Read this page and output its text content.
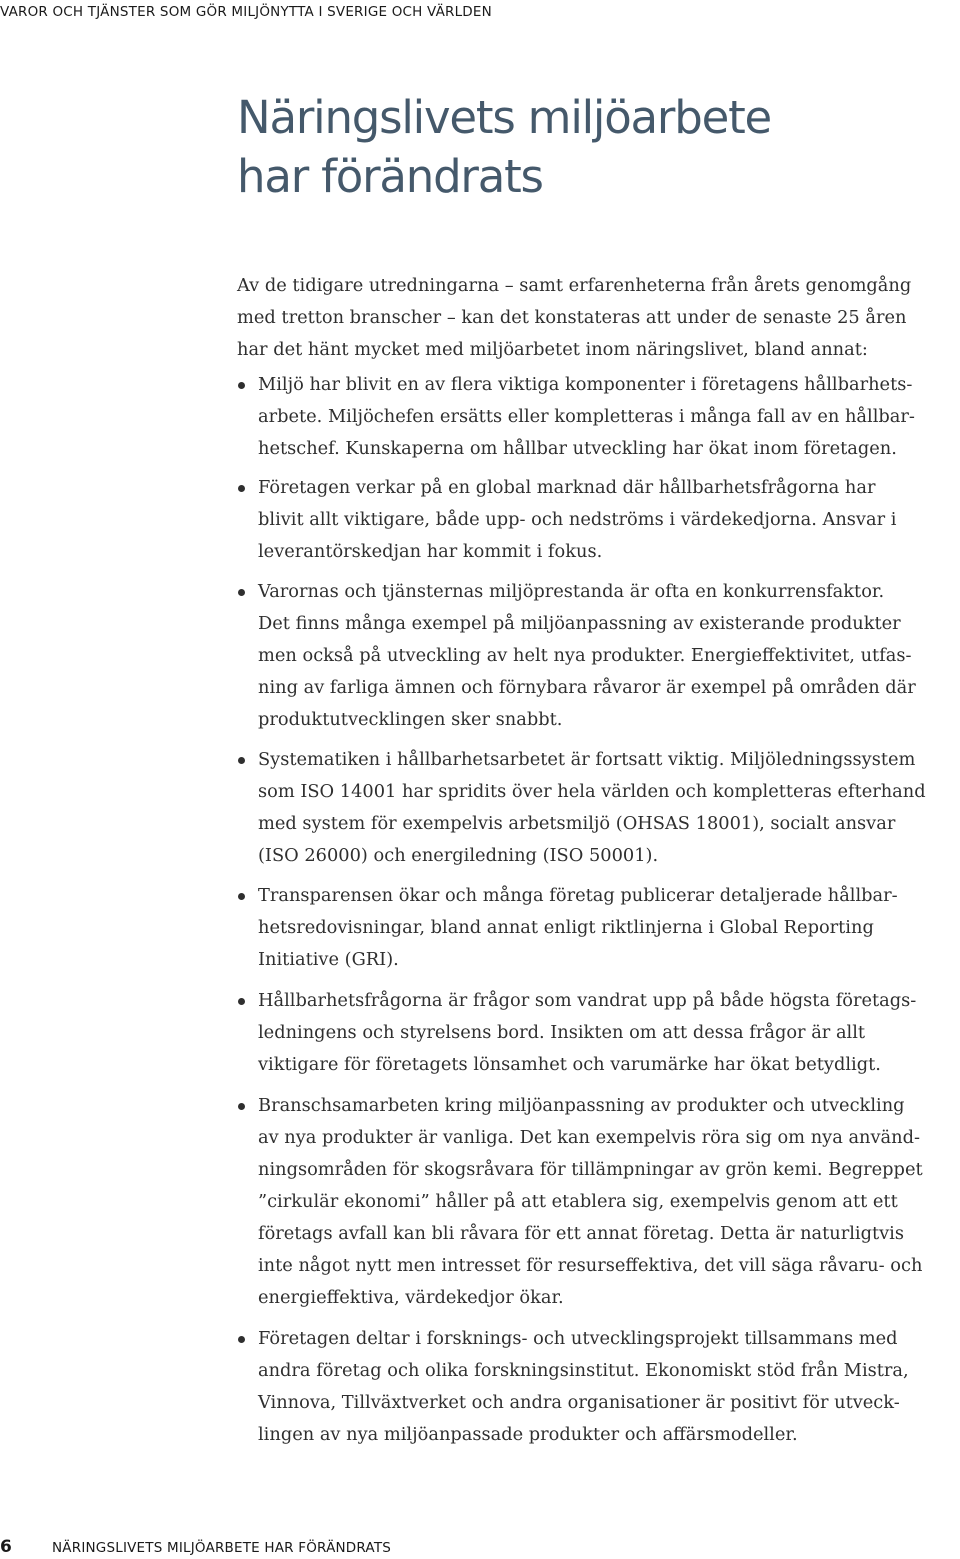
VAROR OCH TJÄNSTER SOM GÖR MILJÖNYTTA I SVERIGE OCH VÄRLDEN
Näringslivets miljöarbete
har förändrats

Av de tidigare utredningarna – samt erfarenheterna från årets genomgång
med tretton branscher – kan det konstateras att under de senaste 25 åren
har det hänt mycket med miljöarbetet inom näringslivet, bland annat:

Miljö har blivit en av flera viktiga komponenter i företagens hållbarhets-
arbete. Miljöchefen ersätts eller kompletteras i många fall av en hållbar-
hetschef. Kunskaperna om hållbar utveckling har ökat inom företagen.
Företagen verkar på en global marknad där hållbarhetsfrågorna har
blivit allt viktigare, både upp- och nedströms i värdekedjorna. Ansvar i
leverantörskedjan har kommit i fokus.
Varornas och tjänsternas miljöprestanda är ofta en konkurrensfaktor.
Det finns många exempel på miljöanpassning av existerande produkter
men också på utveckling av helt nya produkter. Energieffektivitet, utfas-
ning av farliga ämnen och förnybara råvaror är exempel på områden där
produktutvecklingen sker snabbt.
Systematiken i hållbarhetsarbetet är fortsatt viktig. Miljöledningssystem
som ISO 14001 har spridits över hela världen och kompletteras efterhand
med system för exempelvis arbetsmiljö (OHSAS 18001), socialt ansvar
(ISO 26000) och energiledning (ISO 50001).
Transparensen ökar och många företag publicerar detaljerade hållbar-
hetsredovisningar, bland annat enligt riktlinjerna i Global Reporting
Initiative (GRI).
Hållbarhetsfrågorna är frågor som vandrat upp på både högsta företags-
ledningens och styrelsens bord. Insikten om att dessa frågor är allt
viktigare för företagets lönsamhet och varumärke har ökat betydligt.
Branschsamarbeten kring miljöanpassning av produkter och utveckling
av nya produkter är vanliga. Det kan exempelvis röra sig om nya använd-
ningsområden för skogsråvara för tillämpningar av grön kemi. Begreppet
”cirkulär ekonomi” håller på att etablera sig, exempelvis genom att ett
företags avfall kan bli råvara för ett annat företag. Detta är naturligtvis
inte något nytt men intresset för resurseffektiva, det vill säga råvaru- och
energieffektiva, värdekedjor ökar.
Företagen deltar i forsknings- och utvecklingsprojekt tillsammans med
andra företag och olika forskningsinstitut. Ekonomiskt stöd från Mistra,
Vinnova, Tillväxtverket och andra organisationer är positivt för utveck-
lingen av nya miljöanpassade produkter och affärsmodeller.
6	NÄRINGSLIVETS MILJÖARBETE HAR FÖRÄNDRATS
